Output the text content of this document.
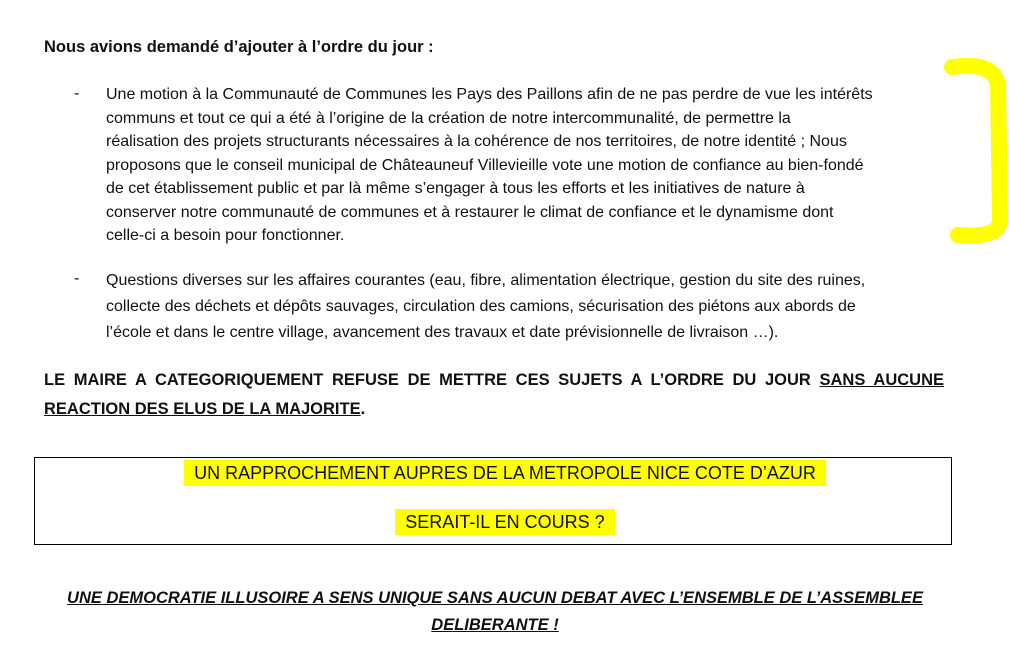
Nous avions demandé d’ajouter à l’ordre du jour :
- Une motion à la Communauté de Communes les Pays des Paillons afin de ne pas perdre de vue les intérêts
communs et tout ce qui a été à l’origine de la création de notre intercommunalité, de permettre la
réalisation des projets structurants nécessaires à la cohérence de nos territoires, de notre identité ; Nous
proposons que le conseil municipal de Châteauneuf Villevieille vote une motion de confiance au bien-fondé
de cet établissement public et par là même s’engager à tous les efforts et les initiatives de nature à
conserver notre communauté de communes et à restaurer le climat de confiance et le dynamisme dont
celle-ci a besoin pour fonctionner.
- Questions diverses sur les affaires courantes (eau, fibre, alimentation électrique, gestion du site des ruines,
collecte des déchets et dépôts sauvages, circulation des camions, sécurisation des piétons aux abords de
l’école et dans le centre village, avancement des travaux et date prévisionnelle de livraison …).
LE MAIRE A CATEGORIQUEMENT REFUSE DE METTRE CES SUJETS A L’ORDRE DU JOUR SANS AUCUNE REACTION DES ELUS DE LA MAJORITE.
UN RAPPROCHEMENT AUPRES DE LA METROPOLE NICE COTE D’AZUR
SERAIT-IL EN COURS ?
UNE DEMOCRATIE ILLUSOIRE A SENS UNIQUE SANS AUCUN DEBAT AVEC L’ENSEMBLE DE L’ASSEMBLEE DELIBERANTE !
